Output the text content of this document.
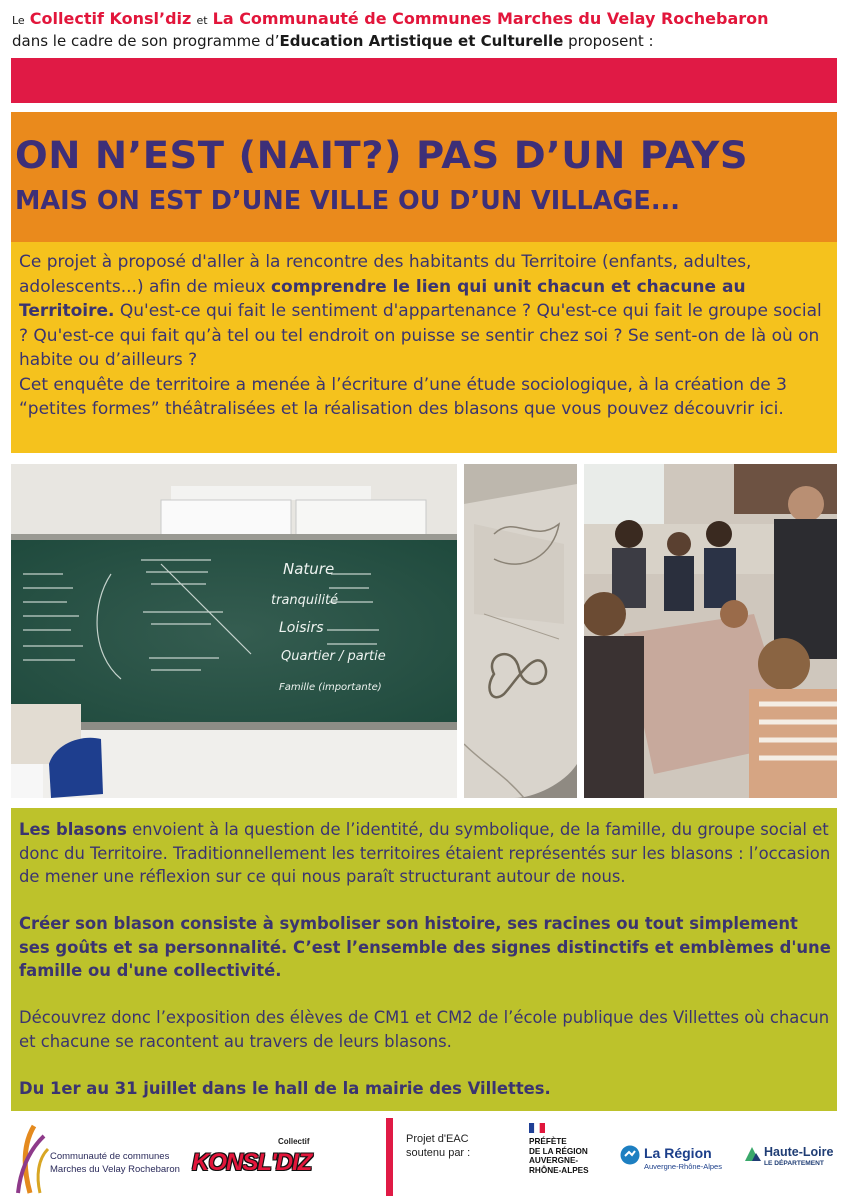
Le Collectif Konsl’diz et La Communauté de Communes Marches du Velay Rochebaron
dans le cadre de son programme d’Education Artistique et Culturelle proposent :
ON N’EST (NAIT?) PAS D’UN PAYS
MAIS ON EST D’UNE VILLE OU D’UN VILLAGE...
Ce projet à proposé d'aller à la rencontre des habitants du Territoire (enfants, adultes, adolescents...) afin de mieux comprendre le lien qui unit chacun et chacune au Territoire. Qu'est-ce qui fait le sentiment d'appartenance ? Qu'est-ce qui fait le groupe social ? Qu'est-ce qui fait qu’à tel ou tel endroit on puisse se sentir chez soi ? Se sent-on de là où on habite ou d’ailleurs ?
Cet enquête de territoire a menée à l’écriture d’une étude sociologique, à la création de 3 “petites formes” théâtralisées et la réalisation des blasons que vous pouvez découvrir ici.
Nature
tranquilité
Loisirs
Quartier / partie
Famille (importante)

Les blasons envoient à la question de l’identité, du symbolique, de la famille, du groupe social et donc du Territoire. Traditionnellement les territoires étaient représentés sur les blasons : l’occasion de mener une réflexion sur ce qui nous paraît structurant autour de nous.

Créer son blason consiste à symboliser son histoire, ses racines ou tout simplement ses goûts et sa personnalité. C’est l’ensemble des signes distinctifs et emblèmes d'une famille ou d'une collectivité.

Découvrez donc l’exposition des élèves de CM1 et CM2 de l’école publique des Villettes où chacun et chacune se racontent au travers de leurs blasons.

Du 1er au 31 juillet dans le hall de la mairie des Villettes.

Communauté de communes
Marches du Velay Rochebaron
Collectif
KONSL'DIZ
Projet d'EAC soutenu par :
PRÉFÈTE
DE LA RÉGION
AUVERGNE-
RHÔNE-ALPES
La Région
Auvergne-Rhône-Alpes
Haute-Loire
LE DÉPARTEMENT
